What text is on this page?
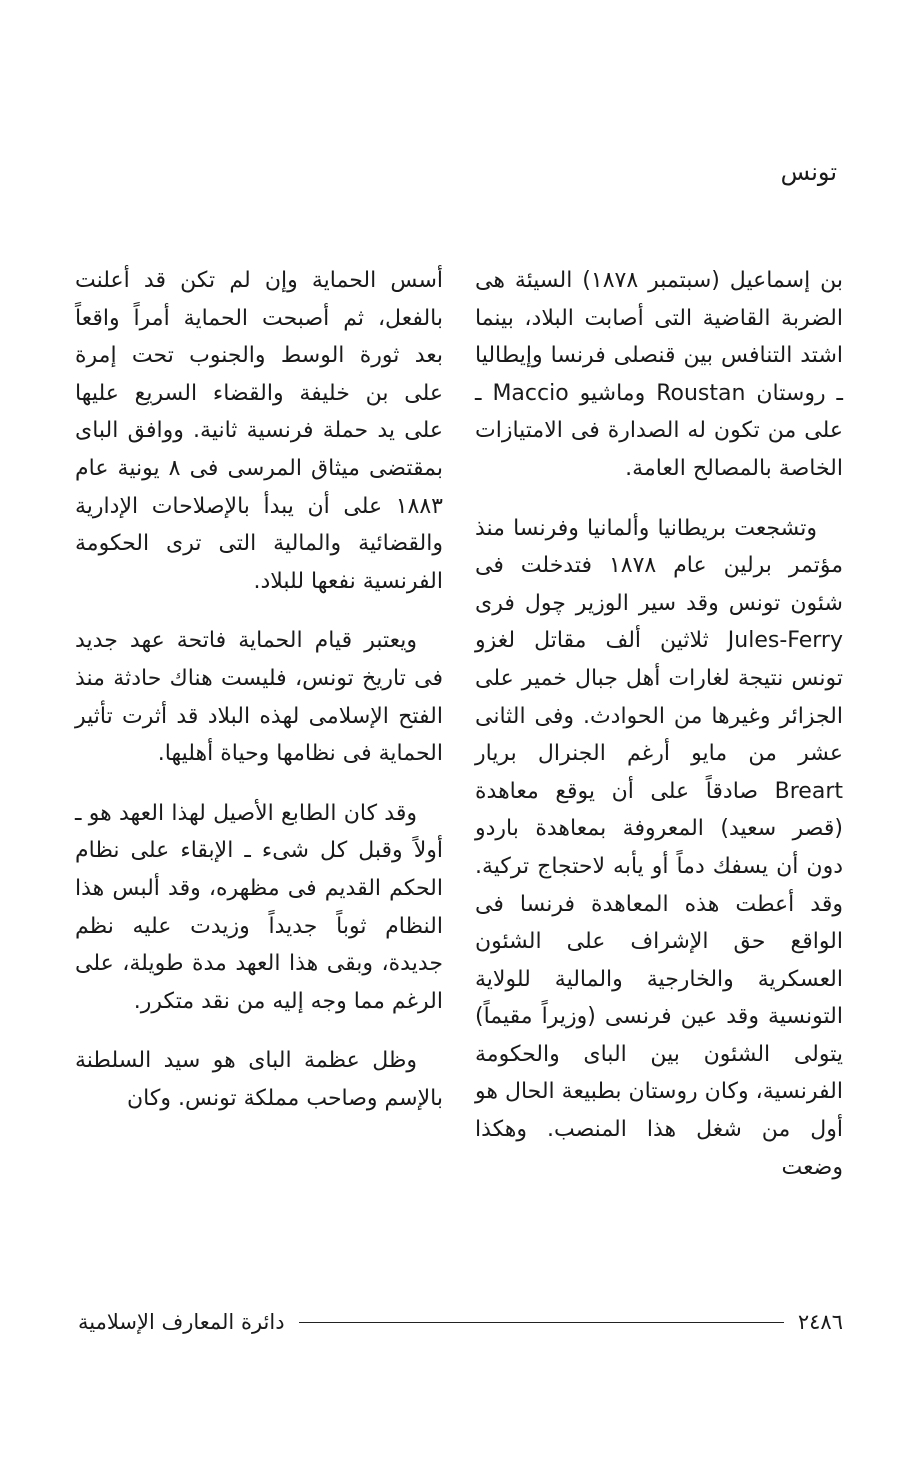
تونس

بن إسماعيل (سبتمبر ١٨٧٨) السيئة هى الضربة القاضية التى أصابت البلاد، بينما اشتد التنافس بين قنصلى فرنسا وإيطاليا ـ روستان Roustan وماشيو Maccio ـ على من تكون له الصدارة فى الامتيازات الخاصة بالمصالح العامة.

وتشجعت بريطانيا وألمانيا وفرنسا منذ مؤتمر برلين عام ١٨٧٨ فتدخلت فى شئون تونس وقد سير الوزير چول فرى Jules-Ferry ثلاثين ألف مقاتل لغزو تونس نتيجة لغارات أهل جبال خمير على الجزائر وغيرها من الحوادث. وفى الثانى عشر من مايو أرغم الجنرال بريار Breart صادقاً على أن يوقع معاهدة (قصر سعيد) المعروفة بمعاهدة باردو دون أن يسفك دماً أو يأبه لاحتجاج تركية. وقد أعطت هذه المعاهدة فرنسا فى الواقع حق الإشراف على الشئون العسكرية والخارجية والمالية للولاية التونسية وقد عين فرنسى (وزيراً مقيماً) يتولى الشئون بين الباى والحكومة الفرنسية، وكان روستان بطبيعة الحال هو أول من شغل هذا المنصب. وهكذا وضعت

أسس الحماية وإن لم تكن قد أعلنت بالفعل، ثم أصبحت الحماية أمراً واقعاً بعد ثورة الوسط والجنوب تحت إمرة على بن خليفة والقضاء السريع عليها على يد حملة فرنسية ثانية. ووافق الباى بمقتضى ميثاق المرسى فى ٨ يونية عام ١٨٨٣ على أن يبدأ بالإصلاحات الإدارية والقضائية والمالية التى ترى الحكومة الفرنسية نفعها للبلاد.

ويعتبر قيام الحماية فاتحة عهد جديد فى تاريخ تونس، فليست هناك حادثة منذ الفتح الإسلامى لهذه البلاد قد أثرت تأثير الحماية فى نظامها وحياة أهليها.

وقد كان الطابع الأصيل لهذا العهد هو ـ أولاً وقبل كل شىء ـ الإبقاء على نظام الحكم القديم فى مظهره، وقد ألبس هذا النظام ثوباً جديداً وزيدت عليه نظم جديدة، وبقى هذا العهد مدة طويلة، على الرغم مما وجه إليه من نقد متكرر.

وظل عظمة الباى هو سيد السلطنة بالإسم وصاحب مملكة تونس. وكان

٢٤٨٦
دائرة المعارف الإسلامية
